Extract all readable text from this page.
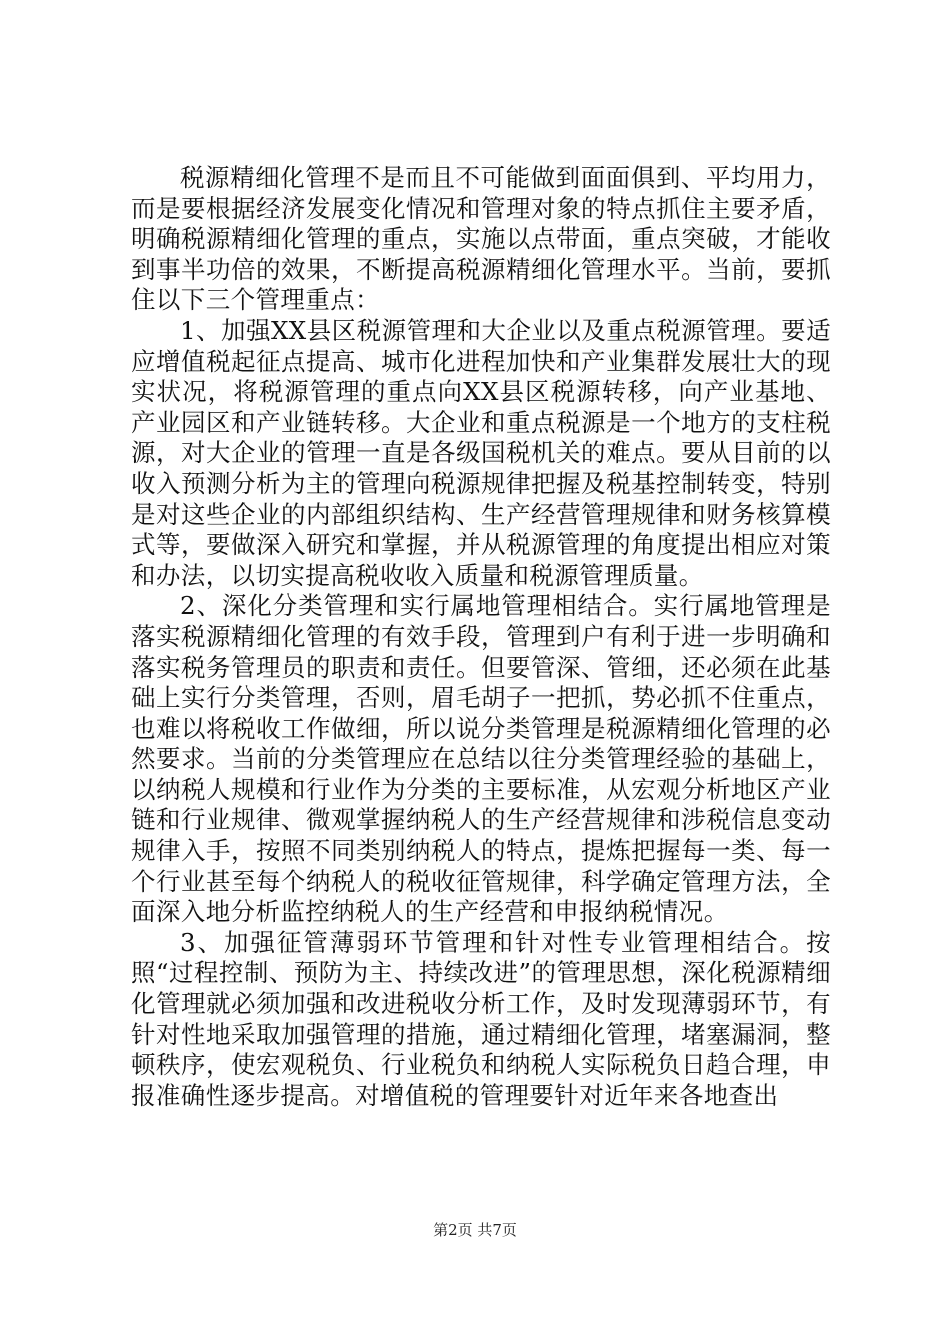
税源精细化管理不是而且不可能做到面面俱到、平均用力，而是要根据经济发展变化情况和管理对象的特点抓住主要矛盾，明确税源精细化管理的重点，实施以点带面，重点突破，才能收到事半功倍的效果，不断提高税源精细化管理水平。当前，要抓住以下三个管理重点：

1、加强XX县区税源管理和大企业以及重点税源管理。要适应增值税起征点提高、城市化进程加快和产业集群发展壮大的现实状况，将税源管理的重点向XX县区税源转移，向产业基地、产业园区和产业链转移。大企业和重点税源是一个地方的支柱税源，对大企业的管理一直是各级国税机关的难点。要从目前的以收入预测分析为主的管理向税源规律把握及税基控制转变，特别是对这些企业的内部组织结构、生产经营管理规律和财务核算模式等，要做深入研究和掌握，并从税源管理的角度提出相应对策和办法，以切实提高税收收入质量和税源管理质量。

2、深化分类管理和实行属地管理相结合。实行属地管理是落实税源精细化管理的有效手段，管理到户有利于进一步明确和落实税务管理员的职责和责任。但要管深、管细，还必须在此基础上实行分类管理，否则，眉毛胡子一把抓，势必抓不住重点，也难以将税收工作做细，所以说分类管理是税源精细化管理的必然要求。当前的分类管理应在总结以往分类管理经验的基础上，以纳税人规模和行业作为分类的主要标准，从宏观分析地区产业链和行业规律、微观掌握纳税人的生产经营规律和涉税信息变动规律入手，按照不同类别纳税人的特点，提炼把握每一类、每一个行业甚至每个纳税人的税收征管规律，科学确定管理方法，全面深入地分析监控纳税人的生产经营和申报纳税情况。

3、加强征管薄弱环节管理和针对性专业管理相结合。按照“过程控制、预防为主、持续改进”的管理思想，深化税源精细化管理就必须加强和改进税收分析工作，及时发现薄弱环节，有针对性地采取加强管理的措施，通过精细化管理，堵塞漏洞，整顿秩序，使宏观税负、行业税负和纳税人实际税负日趋合理，申报准确性逐步提高。对增值税的管理要针对近年来各地查出

第2页 共7页
